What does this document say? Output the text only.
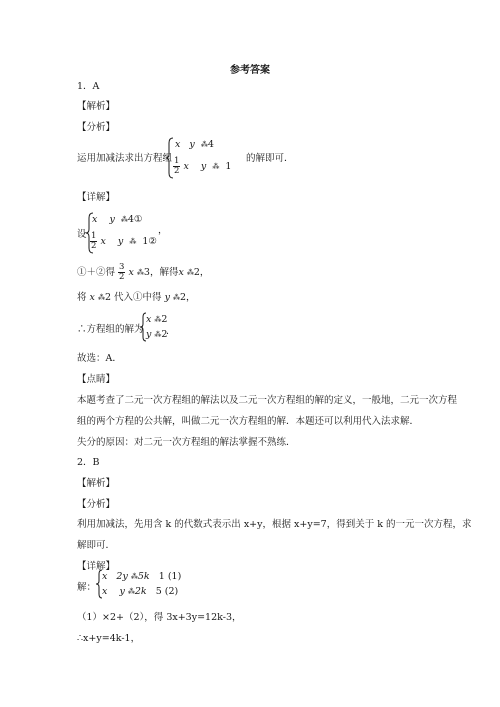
参考答案
1．A
【解析】
【分析】
运用加减法求出方程组
x y ⁂4
$\frac{1}{2}$ x y ⁂ 1
的解即可．
【详解】
设
x y ⁂4①
$\frac{1}{2}$ x y ⁂ 1②
，
①＋②得 $\frac{3}{2}$ x ⁂3，解得x ⁂2，
将 x ⁂2 代入①中得 y ⁂2，
∴方程组的解为
x ⁂2
y ⁂2
．
故选：A．
【点睛】
本题考查了二元一次方程组的解法以及二元一次方程组的解的定义，一般地，二元一次方程
组的两个方程的公共解，叫做二元一次方程组的解．本题还可以利用代入法求解．
失分的原因：对二元一次方程组的解法掌握不熟练．
2．B
【解析】
【分析】
利用加减法，先用含 k 的代数式表示出 x+y，根据 x+y=7，得到关于 k 的一元一次方程，求
解即可．
【详解】
解：
x 2y ⁂5k 1 (1)
x y ⁂2k 5 (2)
（1）×2+（2），得 3x+3y=12k-3，
∴x+y=4k-1，
